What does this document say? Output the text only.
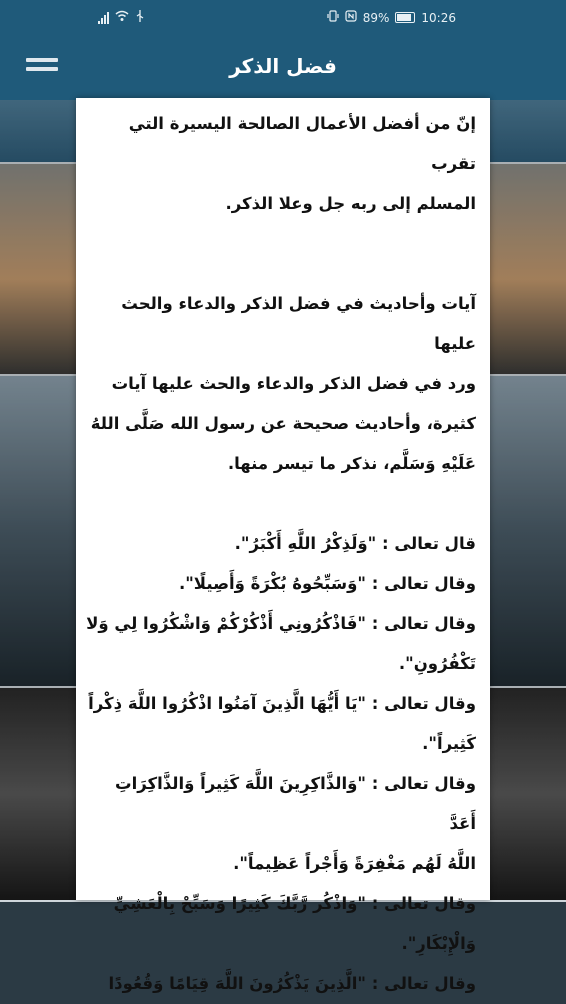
89%	10:26
فضل الذكر

إنّ من أفضل الأعمال الصالحة اليسيرة التي تقرب

المسلم إلى ربه جل وعلا الذكر.

آيات وأحاديث في فضل الذكر والدعاء والحث

عليها

ورد في فضل الذكر والدعاء والحث عليها آيات

كثيرة، وأحاديث صحيحة عن رسول الله صَلَّى اللهُ

عَلَيْهِ وَسَلَّم، نذكر ما تيسر منها.

قال تعالى : "وَلَذِكْرُ اللَّهِ أَكْبَرُ".

وقال تعالى : "وَسَبِّحُوهُ بُكْرَةً وَأَصِيلًا".

وقال تعالى : "فَاذْكُرُونِي أَذْكُرْكُمْ وَاشْكُرُوا لِي وَلا

تَكْفُرُونِ".

وقال تعالى : "يَا أَيُّهَا الَّذِينَ آمَنُوا اذْكُرُوا اللَّهَ ذِكْراً

كَثِيراً".

وقال تعالى : "وَالذَّاكِرِينَ اللَّهَ كَثِيراً وَالذَّاكِرَاتِ أَعَدَّ

اللَّهُ لَهُم مَغْفِرَةً وَأَجْراً عَظِيماً".

وقال تعالى : "وَاذْكُر رَّبَّكَ كَثِيرًا وَسَبِّحْ بِالْعَشِيِّ

وَالْإِبْكَارِ".

وقال تعالى : "الَّذِينَ يَذْكُرُونَ اللَّهَ قِيَامًا وَقُعُودًا
